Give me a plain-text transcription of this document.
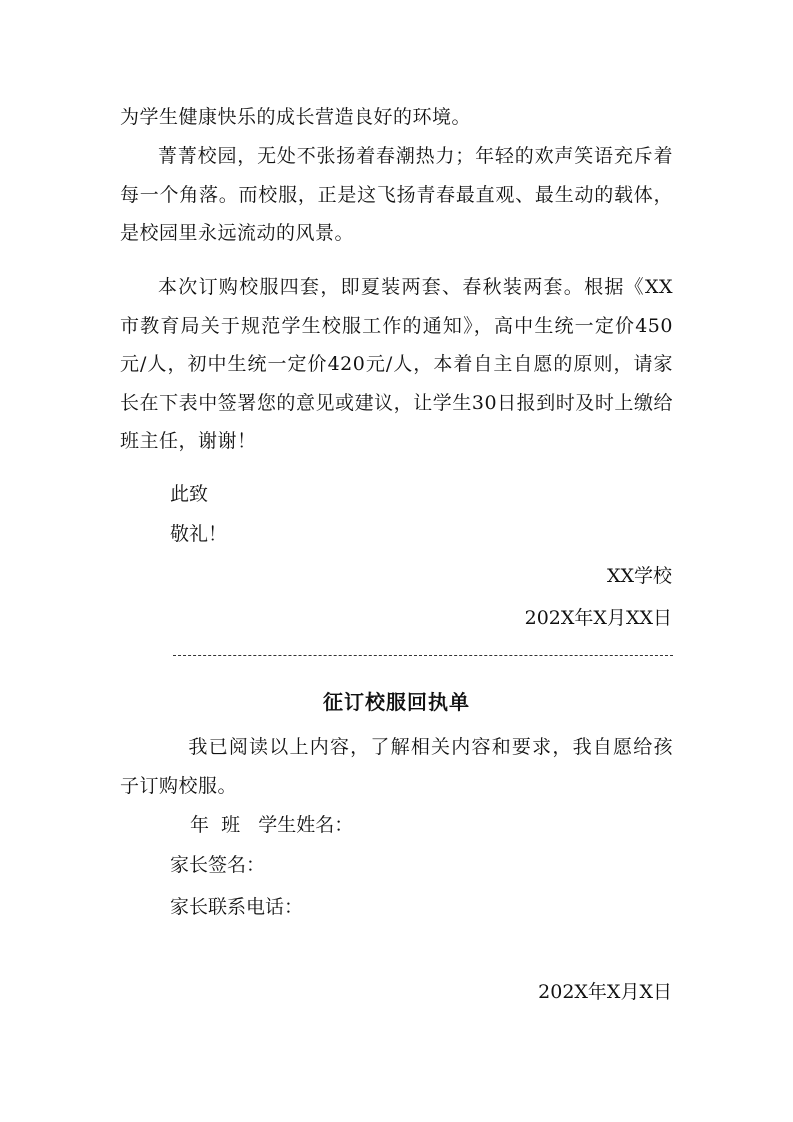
为学生健康快乐的成长营造良好的环境。
菁菁校园，无处不张扬着春潮热力；年轻的欢声笑语充斥着每一个角落。而校服，正是这飞扬青春最直观、最生动的载体，是校园里永远流动的风景。
本次订购校服四套，即夏装两套、春秋装两套。根据《XX市教育局关于规范学生校服工作的通知》，高中生统一定价450元/人，初中生统一定价420元/人，本着自主自愿的原则，请家长在下表中签署您的意见或建议，让学生30日报到时及时上缴给班主任，谢谢！
此致
敬礼！
XX学校
202X年X月XX日
征订校服回执单
我已阅读以上内容，了解相关内容和要求，我自愿给孩子订购校服。
年  班   学生姓名：
家长签名：
家长联系电话：
202X年X月X日
